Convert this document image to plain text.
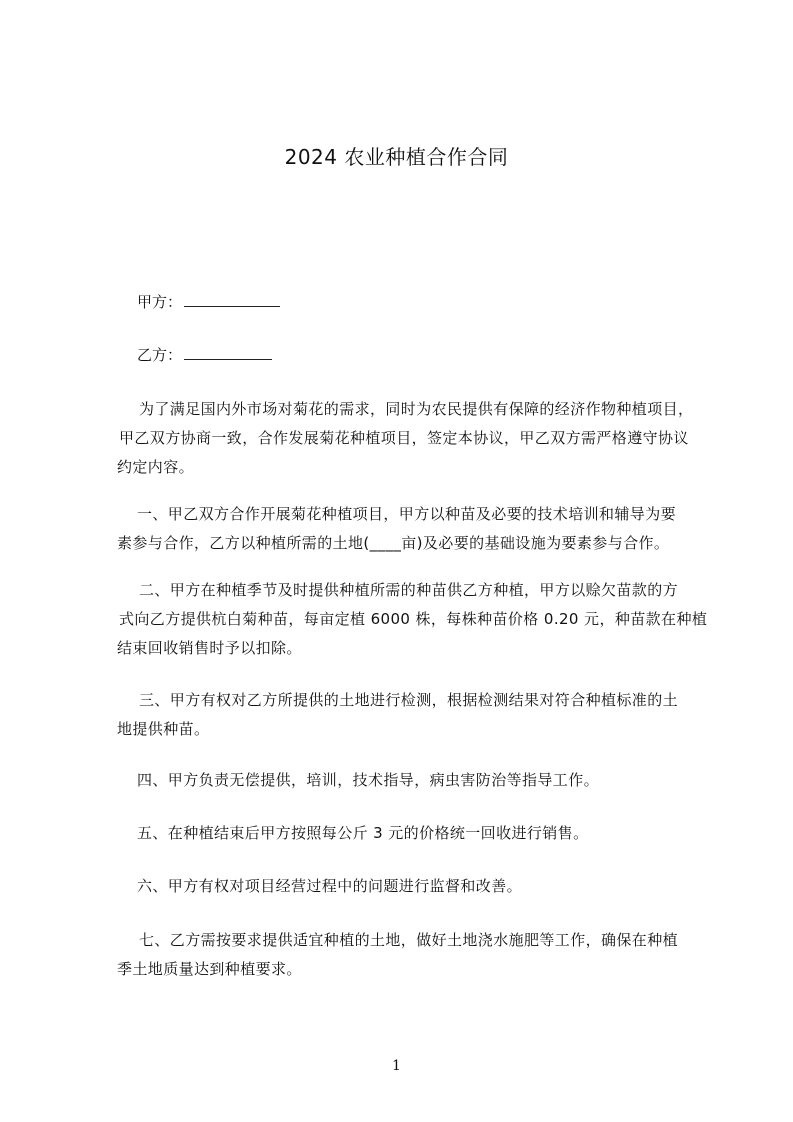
2024 农业种植合作合同
甲方：
乙方：
为了满足国内外市场对菊花的需求，同时为农民提供有保障的经济作物种植项目，
甲乙双方协商一致，合作发展菊花种植项目，签定本协议，甲乙双方需严格遵守协议
约定内容。
一、甲乙双方合作开展菊花种植项目，甲方以种苗及必要的技术培训和辅导为要
素参与合作，乙方以种植所需的土地(____亩)及必要的基础设施为要素参与合作。
二、甲方在种植季节及时提供种植所需的种苗供乙方种植，甲方以赊欠苗款的方
式向乙方提供杭白菊种苗，每亩定植 6000 株，每株种苗价格 0.20 元，种苗款在种植
结束回收销售时予以扣除。
三、甲方有权对乙方所提供的土地进行检测，根据检测结果对符合种植标准的土
地提供种苗。
四、甲方负责无偿提供，培训，技术指导，病虫害防治等指导工作。
五、在种植结束后甲方按照每公斤 3 元的价格统一回收进行销售。
六、甲方有权对项目经营过程中的问题进行监督和改善。
七、乙方需按要求提供适宜种植的土地，做好土地浇水施肥等工作，确保在种植
季土地质量达到种植要求。
1
